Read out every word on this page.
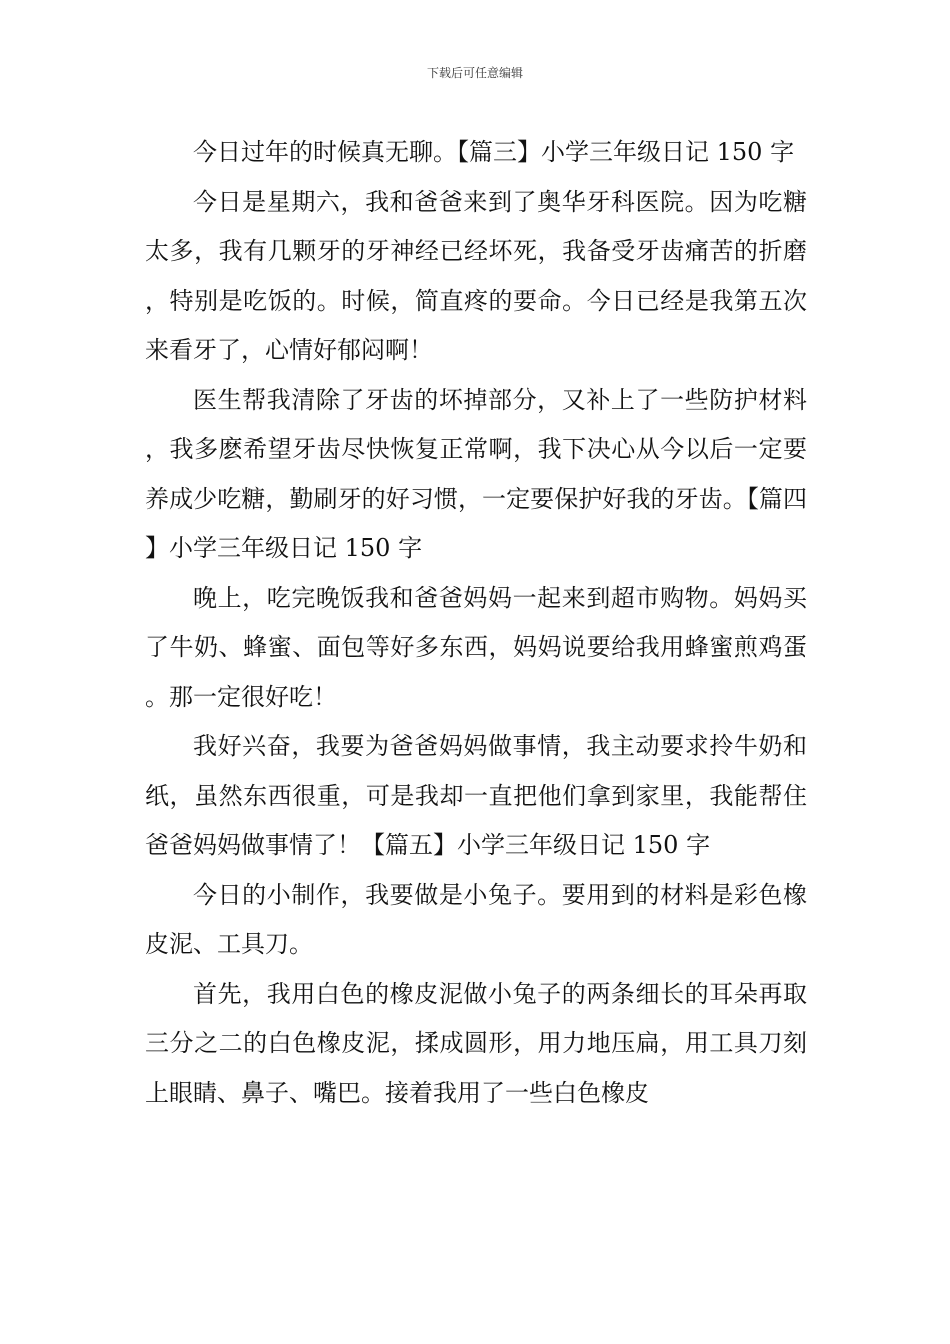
下载后可任意编辑

今日过年的时候真无聊。【篇三】小学三年级日记 150 字

今日是星期六，我和爸爸来到了奥华牙科医院。因为吃糖太多，我有几颗牙的牙神经已经坏死，我备受牙齿痛苦的折磨，特别是吃饭的。时候，简直疼的要命。今日已经是我第五次来看牙了，心情好郁闷啊！

医生帮我清除了牙齿的坏掉部分，又补上了一些防护材料，我多麽希望牙齿尽快恢复正常啊，我下决心从今以后一定要养成少吃糖，勤刷牙的好习惯，一定要保护好我的牙齿。【篇四】小学三年级日记 150 字

晚上，吃完晚饭我和爸爸妈妈一起来到超市购物。妈妈买了牛奶、蜂蜜、面包等好多东西，妈妈说要给我用蜂蜜煎鸡蛋。那一定很好吃！

我好兴奋，我要为爸爸妈妈做事情，我主动要求拎牛奶和纸，虽然东西很重，可是我却一直把他们拿到家里，我能帮住爸爸妈妈做事情了！【篇五】小学三年级日记 150 字

今日的小制作，我要做是小兔子。要用到的材料是彩色橡皮泥、工具刀。

首先，我用白色的橡皮泥做小兔子的两条细长的耳朵再取三分之二的白色橡皮泥，揉成圆形，用力地压扁，用工具刀刻上眼睛、鼻子、嘴巴。接着我用了一些白色橡皮
